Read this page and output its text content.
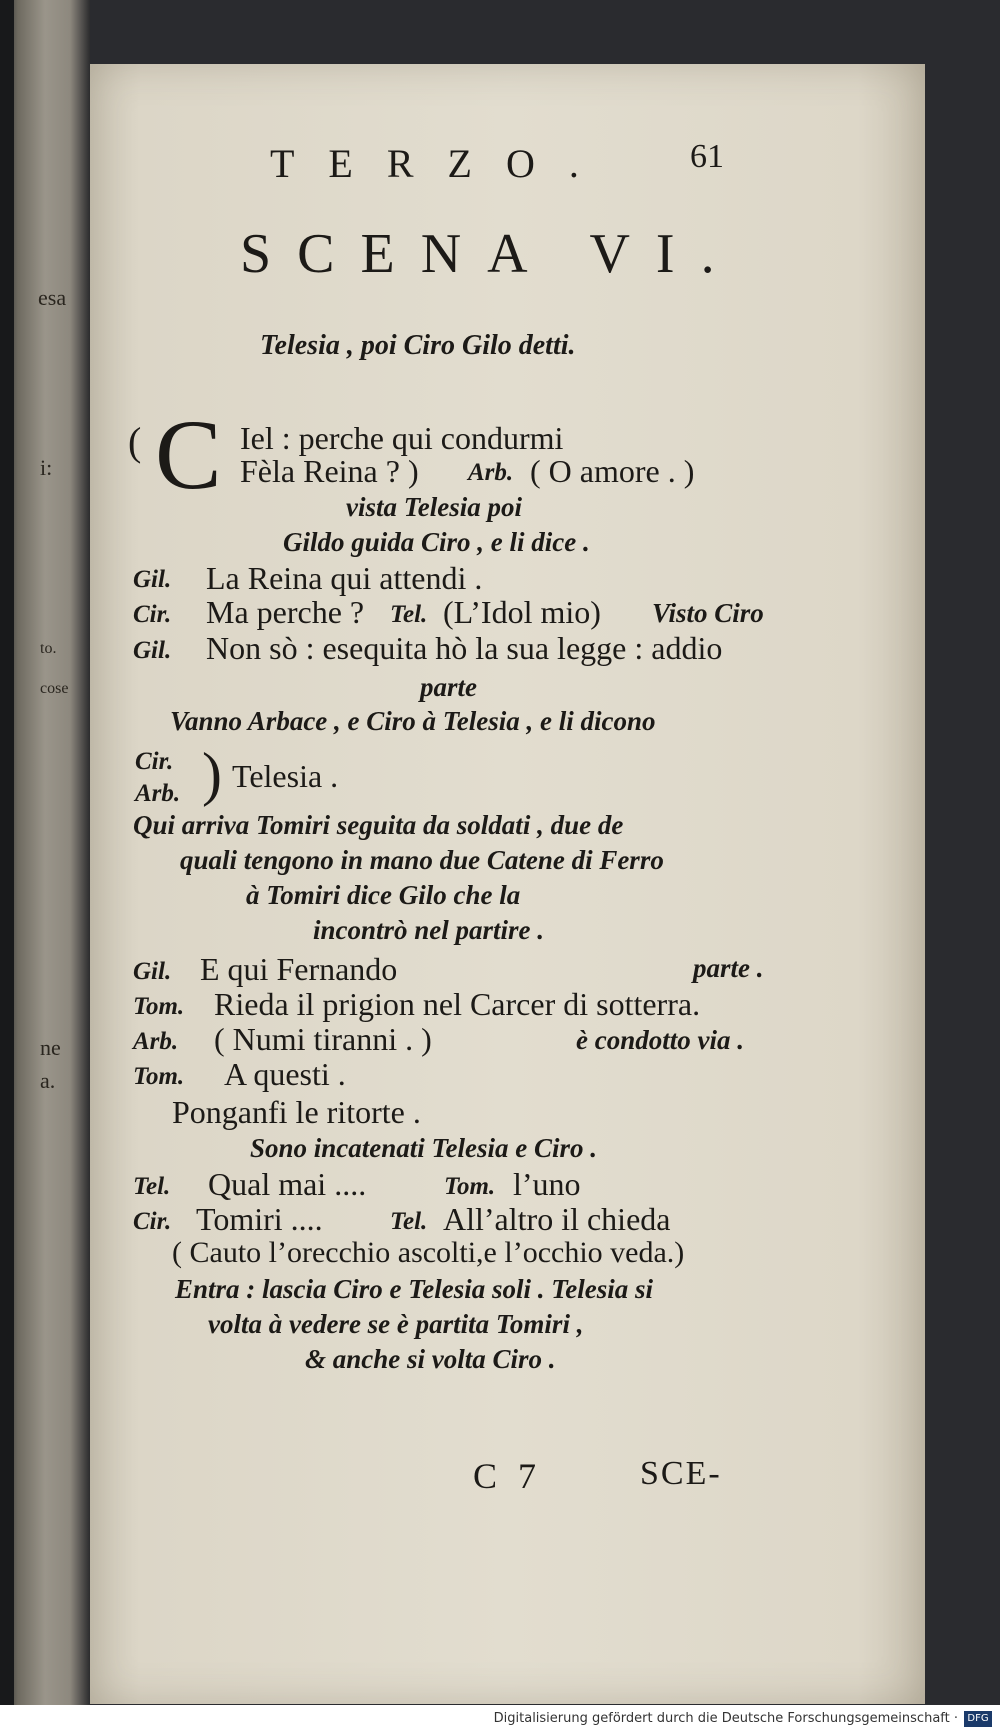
esa
i:
to.
cose
ne
a.
TERZO. 61
SCENA VI.
Telesia , poi Ciro Gilo detti.
( C Iel : perche qui condurmi
Fèla Reina ? ) Arb. ( O amore . )
vista Telesia poi
Gildo guida Ciro , e li dice .
Gil. La Reina qui attendi .
Cir. Ma perche ? Tel. (L’Idol mio) Visto Ciro
Gil. Non sò : esequita hò la sua legge : addio
parte
Vanno Arbace , e Ciro à Telesia , e li dicono
Cir.
Arb. ) Telesia .
Qui arriva Tomiri seguita da soldati , due de
quali tengono in mano due Catene di Ferro
à Tomiri dice Gilo che la
incontrò nel partire .
Gil. E qui Fernando	parte .
Tom. Rieda il prigion nel Carcer di sotterra.
Arb. ( Numi tiranni . )	è condotto via .
Tom. A questi .
Ponganfi le ritorte .
Sono incatenati Telesia e Ciro .
Tel. Qual mai ....	Tom. l’uno
Cir. Tomiri ....	Tel. All’altro il chieda
( Cauto l’orecchio ascolti,e l’occhio veda.)
Entra : lascia Ciro e Telesia soli . Telesia si
volta à vedere se è partita Tomiri ,
& anche si volta Ciro .
C 7	SCE-
Digitalisierung gefördert durch die Deutsche Forschungsgemeinschaft · DFG
